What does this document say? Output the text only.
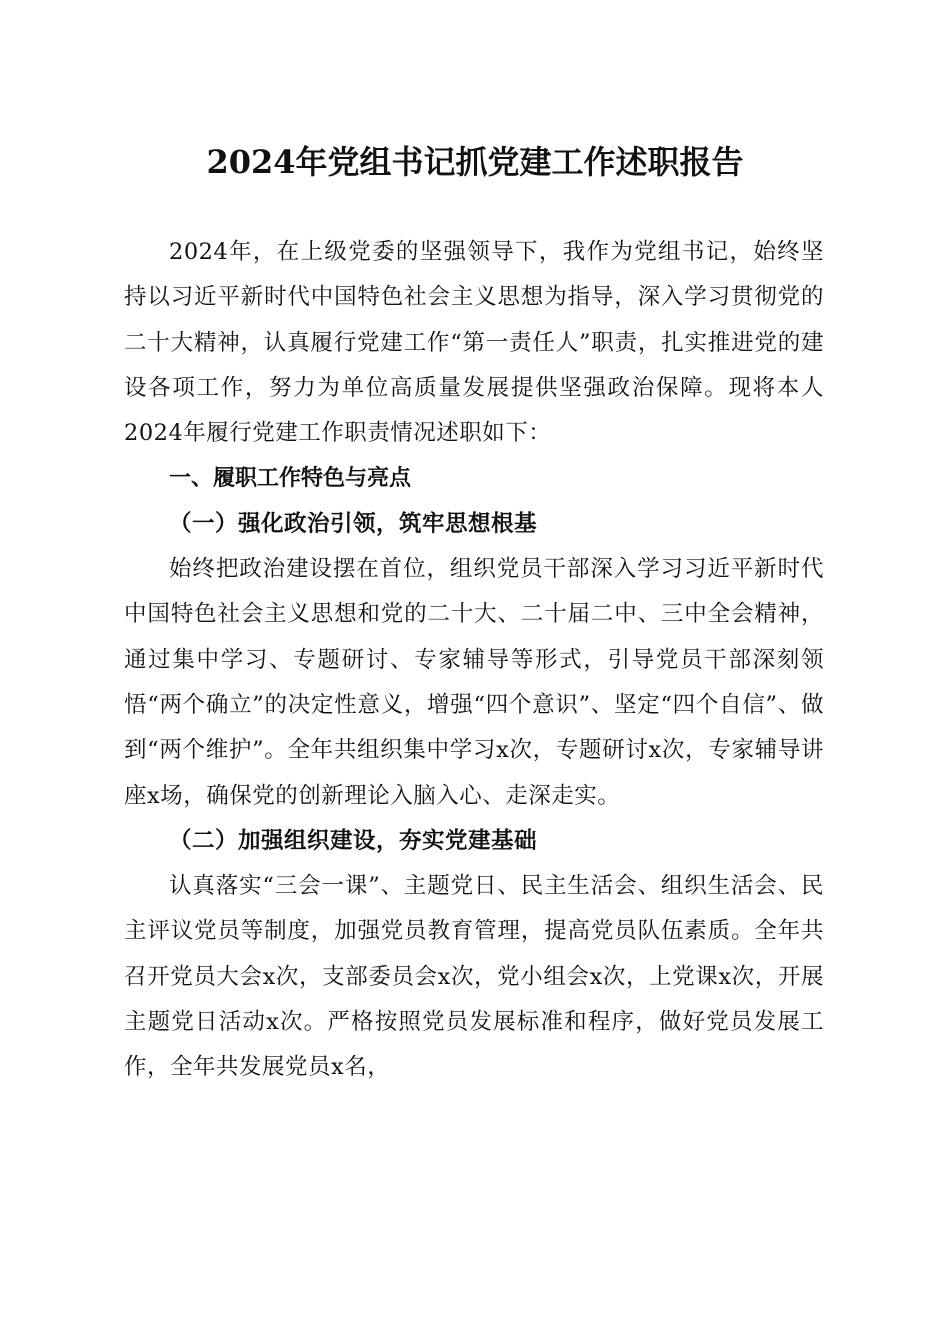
2024年党组书记抓党建工作述职报告

2024年，在上级党委的坚强领导下，我作为党组书记，始终坚持以习近平新时代中国特色社会主义思想为指导，深入学习贯彻党的二十大精神，认真履行党建工作“第一责任人”职责，扎实推进党的建设各项工作，努力为单位高质量发展提供坚强政治保障。现将本人2024年履行党建工作职责情况述职如下：

一、履职工作特色与亮点

（一）强化政治引领，筑牢思想根基

始终把政治建设摆在首位，组织党员干部深入学习习近平新时代中国特色社会主义思想和党的二十大、二十届二中、三中全会精神，通过集中学习、专题研讨、专家辅导等形式，引导党员干部深刻领悟“两个确立”的决定性意义，增强“四个意识”、坚定“四个自信”、做到“两个维护”。全年共组织集中学习x次，专题研讨x次，专家辅导讲座x场，确保党的创新理论入脑入心、走深走实。

（二）加强组织建设，夯实党建基础

认真落实“三会一课”、主题党日、民主生活会、组织生活会、民主评议党员等制度，加强党员教育管理，提高党员队伍素质。全年共召开党员大会x次，支部委员会x次，党小组会x次，上党课x次，开展主题党日活动x次。严格按照党员发展标准和程序，做好党员发展工作，全年共发展党员x名，
